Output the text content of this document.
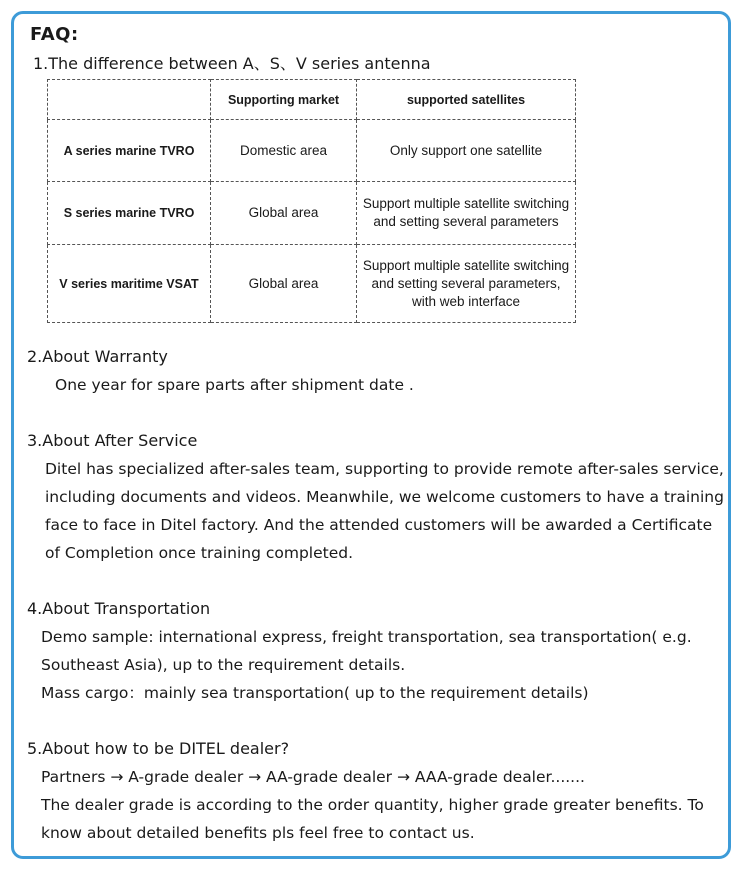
FAQ:
1.The difference between A、S、V series antenna
	Supporting market	supported satellites
A series marine TVRO	Domestic area	Only support one satellite
S series marine TVRO	Global area	Support multiple satellite switching and setting several parameters
V series maritime VSAT	Global area	Support multiple satellite switching and setting several parameters, with web interface
2.About Warranty
One year for spare parts after shipment date .
3.About After Service
Ditel has specialized after-sales team, supporting to provide remote after-sales service,
including documents and videos. Meanwhile, we welcome customers to have a training
face to face in Ditel factory. And the attended customers will be awarded a Certificate
of Completion once training completed.
4.About Transportation
Demo sample: international express, freight transportation, sea transportation( e.g.
Southeast Asia), up to the requirement details.
Mass cargo：mainly sea transportation( up to the requirement details)
5.About how to be DITEL dealer?
Partners → A-grade dealer → AA-grade dealer → AAA-grade dealer.......
The dealer grade is according to the order quantity, higher grade greater benefits. To
know about detailed benefits pls feel free to contact us.
